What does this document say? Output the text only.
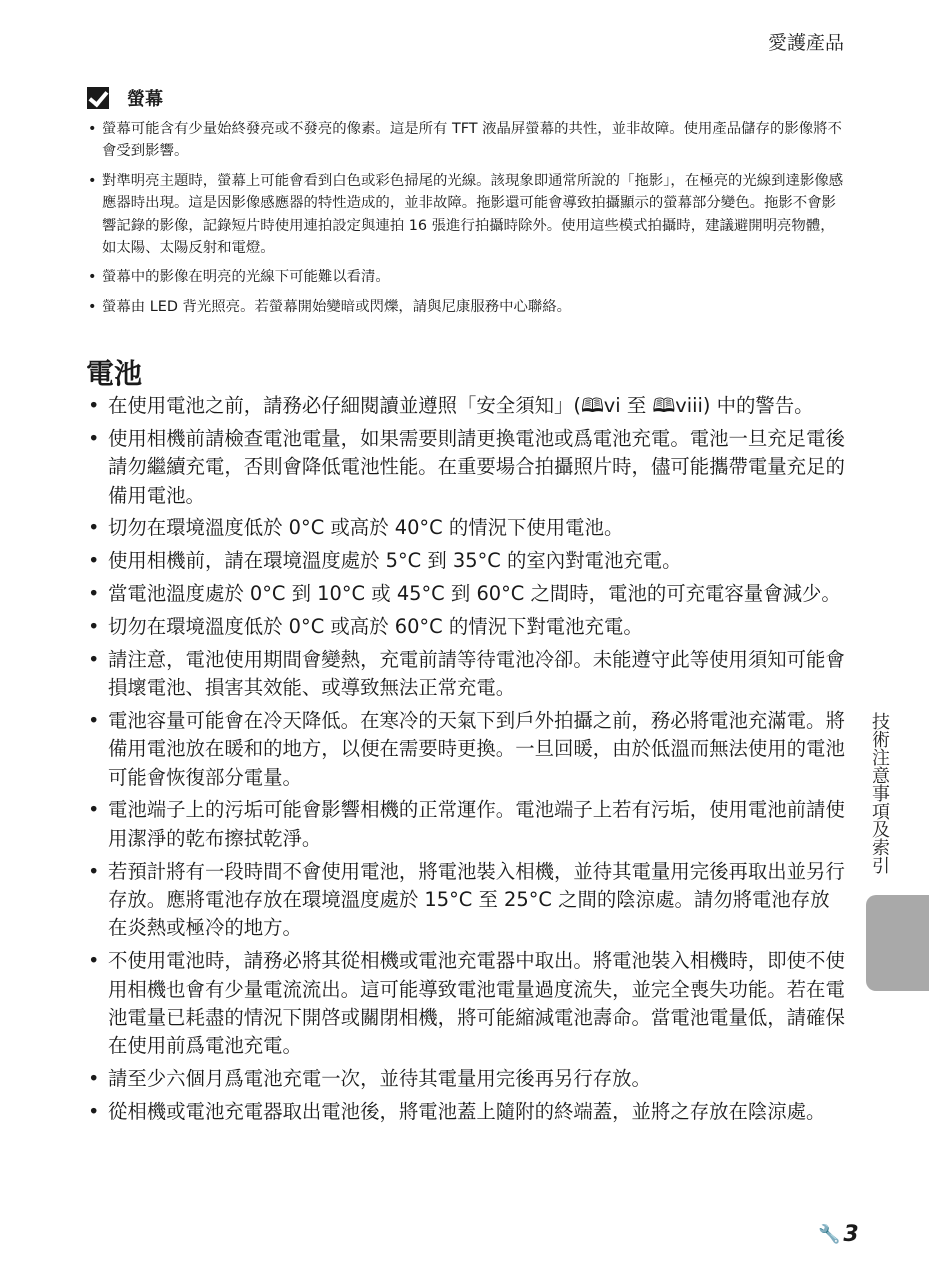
愛護產品
螢幕
• 螢幕可能含有少量始終發亮或不發亮的像素。這是所有 TFT 液晶屏螢幕的共性，並非故障。使用產品儲存的影像將不會受到影響。
• 對準明亮主題時，螢幕上可能會看到白色或彩色掃尾的光線。該現象即通常所說的「拖影」，在極亮的光線到達影像感應器時出現。這是因影像感應器的特性造成的，並非故障。拖影還可能會導致拍攝顯示的螢幕部分變色。拖影不會影響記錄的影像，記錄短片時使用連拍設定與連拍 16 張進行拍攝時除外。使用這些模式拍攝時，建議避開明亮物體，如太陽、太陽反射和電燈。
• 螢幕中的影像在明亮的光線下可能難以看清。
• 螢幕由 LED 背光照亮。若螢幕開始變暗或閃爍，請與尼康服務中心聯絡。
電池
• 在使用電池之前，請務必仔細閱讀並遵照「安全須知」(🕮vi 至 🕮viii) 中的警告。
• 使用相機前請檢查電池電量，如果需要則請更換電池或爲電池充電。電池一旦充足電後請勿繼續充電，否則會降低電池性能。在重要場合拍攝照片時，儘可能攜帶電量充足的備用電池。
• 切勿在環境溫度低於 0°C 或高於 40°C 的情況下使用電池。
• 使用相機前，請在環境溫度處於 5°C 到 35°C 的室內對電池充電。
• 當電池溫度處於 0°C 到 10°C 或 45°C 到 60°C 之間時，電池的可充電容量會減少。
• 切勿在環境溫度低於 0°C 或高於 60°C 的情況下對電池充電。
• 請注意，電池使用期間會變熱，充電前請等待電池冷卻。未能遵守此等使用須知可能會損壞電池、損害其效能、或導致無法正常充電。
• 電池容量可能會在冷天降低。在寒冷的天氣下到戶外拍攝之前，務必將電池充滿電。將備用電池放在暖和的地方，以便在需要時更換。一旦回暖，由於低溫而無法使用的電池可能會恢復部分電量。
• 電池端子上的污垢可能會影響相機的正常運作。電池端子上若有污垢，使用電池前請使用潔淨的乾布擦拭乾淨。
• 若預計將有一段時間不會使用電池，將電池裝入相機，並待其電量用完後再取出並另行存放。應將電池存放在環境溫度處於 15°C 至 25°C 之間的陰涼處。請勿將電池存放在炎熱或極冷的地方。
• 不使用電池時，請務必將其從相機或電池充電器中取出。將電池裝入相機時，即使不使用相機也會有少量電流流出。這可能導致電池電量過度流失，並完全喪失功能。若在電池電量已耗盡的情況下開啓或關閉相機，將可能縮減電池壽命。當電池電量低，請確保在使用前爲電池充電。
• 請至少六個月爲電池充電一次，並待其電量用完後再另行存放。
• 從相機或電池充電器取出電池後，將電池蓋上隨附的終端蓋，並將之存放在陰涼處。
技術注意事項及索引
🔧 3
